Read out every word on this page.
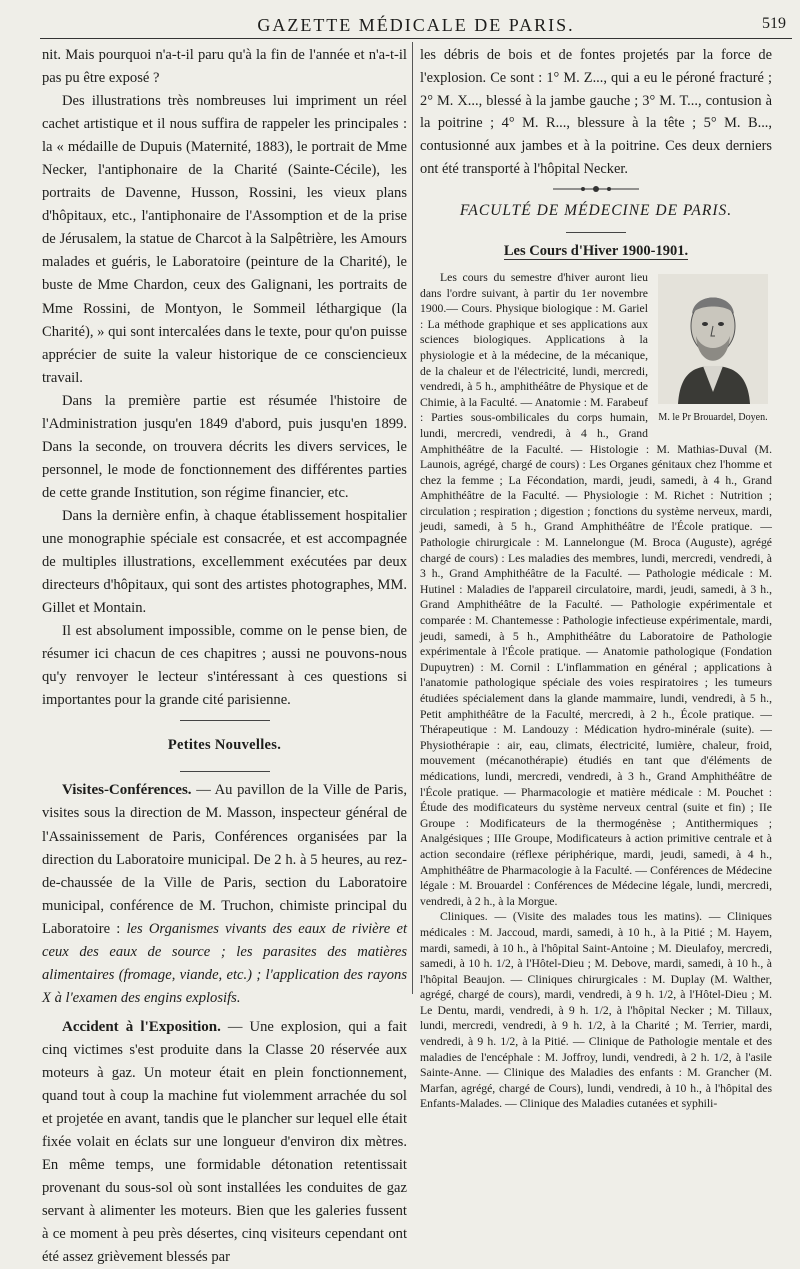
GAZETTE MÉDICALE DE PARIS.	519

nit. Mais pourquoi n'a-t-il paru qu'à la fin de l'année et n'a-t-il pas pu être exposé ?

Des illustrations très nombreuses lui impriment un réel cachet artistique et il nous suffira de rappeler les principales : la « médaille de Dupuis (Maternité, 1883), le portrait de Mme Necker, l'antiphonaire de la Charité (Sainte-Cécile), les portraits de Davenne, Husson, Rossini, les vieux plans d'hôpitaux, etc., l'antiphonaire de l'Assomption et de la prise de Jérusalem, la statue de Charcot à la Salpêtrière, les Amours malades et guéris, le Laboratoire (peinture de la Charité), le buste de Mme Chardon, ceux des Galignani, les portraits de Mme Rossini, de Montyon, le Sommeil léthargique (la Charité), » qui sont intercalées dans le texte, pour qu'on puisse apprécier de suite la valeur historique de ce consciencieux travail.

Dans la première partie est résumée l'histoire de l'Administration jusqu'en 1849 d'abord, puis jusqu'en 1899. Dans la seconde, on trouvera décrits les divers services, le personnel, le mode de fonctionnement des différentes parties de cette grande Institution, son régime financier, etc.

Dans la dernière enfin, à chaque établissement hospitalier une monographie spéciale est consacrée, et est accompagnée de multiples illustrations, excellemment exécutées par deux directeurs d'hôpitaux, qui sont des artistes photographes, MM. Gillet et Montain.

Il est absolument impossible, comme on le pense bien, de résumer ici chacun de ces chapitres ; aussi ne pouvons-nous qu'y renvoyer le lecteur s'intéressant à ces questions si importantes pour la grande cité parisienne.

Petites Nouvelles.

Visites-Conférences. — Au pavillon de la Ville de Paris, visites sous la direction de M. Masson, inspecteur général de l'Assainissement de Paris, Conférences organisées par la direction du Laboratoire municipal. De 2 h. à 5 heures, au rez-de-chaussée de la Ville de Paris, section du Laboratoire municipal, conférence de M. Truchon, chimiste principal du Laboratoire : les Organismes vivants des eaux de rivière et ceux des eaux de source ; les parasites des matières alimentaires (fromage, viande, etc.) ; l'application des rayons X à l'examen des engins explosifs.

Accident à l'Exposition. — Une explosion, qui a fait cinq victimes s'est produite dans la Classe 20 réservée aux moteurs à gaz. Un moteur était en plein fonctionnement, quand tout à coup la machine fut violemment arrachée du sol et projetée en avant, tandis que le plancher sur lequel elle était fixée volait en éclats sur une longueur d'environ dix mètres. En même temps, une formidable détonation retentissait provenant du sous-sol où sont installées les conduites de gaz servant à alimenter les moteurs. Bien que les galeries fussent à ce moment à peu près désertes, cinq visiteurs cependant ont été assez grièvement blessés par

les débris de bois et de fontes projetés par la force de l'explosion. Ce sont : 1° M. Z..., qui a eu le péroné fracturé ; 2° M. X..., blessé à la jambe gauche ; 3° M. T..., contusion à la poitrine ; 4° M. R..., blessure à la tête ; 5° M. B..., contusionné aux jambes et à la poitrine. Ces deux derniers ont été transporté à l'hôpital Necker.

FACULTÉ DE MÉDECINE DE PARIS.
Les Cours d'Hiver 1900-1901.
M. le Pr Brouardel, Doyen.

Les cours du semestre d'hiver auront lieu dans l'ordre suivant, à partir du 1er novembre 1900.— Cours. Physique biologique : M. Gariel : La méthode graphique et ses applications aux sciences biologiques. Applications à la physiologie et à la médecine, de la mécanique, de la chaleur et de l'électricité, lundi, mercredi, vendredi, à 5 h., amphithéâtre de Physique et de Chimie, à la Faculté. — Anatomie : M. Farabeuf : Parties sous-ombilicales du corps humain, lundi, mercredi, vendredi, à 4 h., Grand Amphithéâtre de la Faculté. — Histologie : M. Mathias-Duval (M. Launois, agrégé, chargé de cours) : Les Organes génitaux chez l'homme et chez la femme ; La Fécondation, mardi, jeudi, samedi, à 4 h., Grand Amphithéâtre de la Faculté. — Physiologie : M. Richet : Nutrition ; circulation ; respiration ; digestion ; fonctions du système nerveux, mardi, jeudi, samedi, à 5 h., Grand Amphithéâtre de l'École pratique. — Pathologie chirurgicale : M. Lannelongue (M. Broca (Auguste), agrégé chargé de cours) : Les maladies des membres, lundi, mercredi, vendredi, à 3 h., Grand Amphithéâtre de la Faculté. — Pathologie médicale : M. Hutinel : Maladies de l'appareil circulatoire, mardi, jeudi, samedi, à 3 h., Grand Amphithéâtre de la Faculté. — Pathologie expérimentale et comparée : M. Chantemesse : Pathologie infectieuse expérimentale, mardi, jeudi, samedi, à 5 h., Amphithéâtre du Laboratoire de Pathologie expérimentale à l'École pratique. — Anatomie pathologique (Fondation Dupuytren) : M. Cornil : L'inflammation en général ; applications à l'anatomie pathologique spéciale des voies respiratoires ; les tumeurs étudiées spécialement dans la glande mammaire, lundi, vendredi, à 5 h., Petit amphithéâtre de la Faculté, mercredi, à 2 h., École pratique. — Thérapeutique : M. Landouzy : Médication hydro-minérale (suite). — Physiothérapie : air, eau, climats, électricité, lumière, chaleur, froid, mouvement (mécanothérapie) étudiés en tant que d'éléments de médications, lundi, mercredi, vendredi, à 3 h., Grand Amphithéâtre de l'École pratique. — Pharmacologie et matière médicale : M. Pouchet : Étude des modificateurs du système nerveux central (suite et fin) ; IIe Groupe : Modificateurs de la thermogénèse ; Antithermiques ; Analgésiques ; IIIe Groupe, Modificateurs à action primitive centrale et à action secondaire (réflexe périphérique, mardi, jeudi, samedi, à 4 h., Amphithéâtre de Pharmacologie à la Faculté. — Conférences de Médecine légale : M. Brouardel : Conférences de Médecine légale, lundi, mercredi, vendredi, à 2 h., à la Morgue.

Cliniques. — (Visite des malades tous les matins). — Cliniques médicales : M. Jaccoud, mardi, samedi, à 10 h., à la Pitié ; M. Hayem, mardi, samedi, à 10 h., à l'hôpital Saint-Antoine ; M. Dieulafoy, mercredi, samedi, à 10 h. 1/2, à l'Hôtel-Dieu ; M. Debove, mardi, samedi, à 10 h., à l'hôpital Beaujon. — Cliniques chirurgicales : M. Duplay (M. Walther, agrégé, chargé de cours), mardi, vendredi, à 9 h. 1/2, à l'Hôtel-Dieu ; M. Le Dentu, mardi, vendredi, à 9 h. 1/2, à l'hôpital Necker ; M. Tillaux, lundi, mercredi, vendredi, à 9 h. 1/2, à la Charité ; M. Terrier, mardi, vendredi, à 9 h. 1/2, à la Pitié. — Clinique de Pathologie mentale et des maladies de l'encéphale : M. Joffroy, lundi, vendredi, à 2 h. 1/2, à l'asile Sainte-Anne. — Clinique des Maladies des enfants : M. Grancher (M. Marfan, agrégé, chargé de Cours), lundi, vendredi, à 10 h., à l'hôpital des Enfants-Malades. — Clinique des Maladies cutanées et syphili-
